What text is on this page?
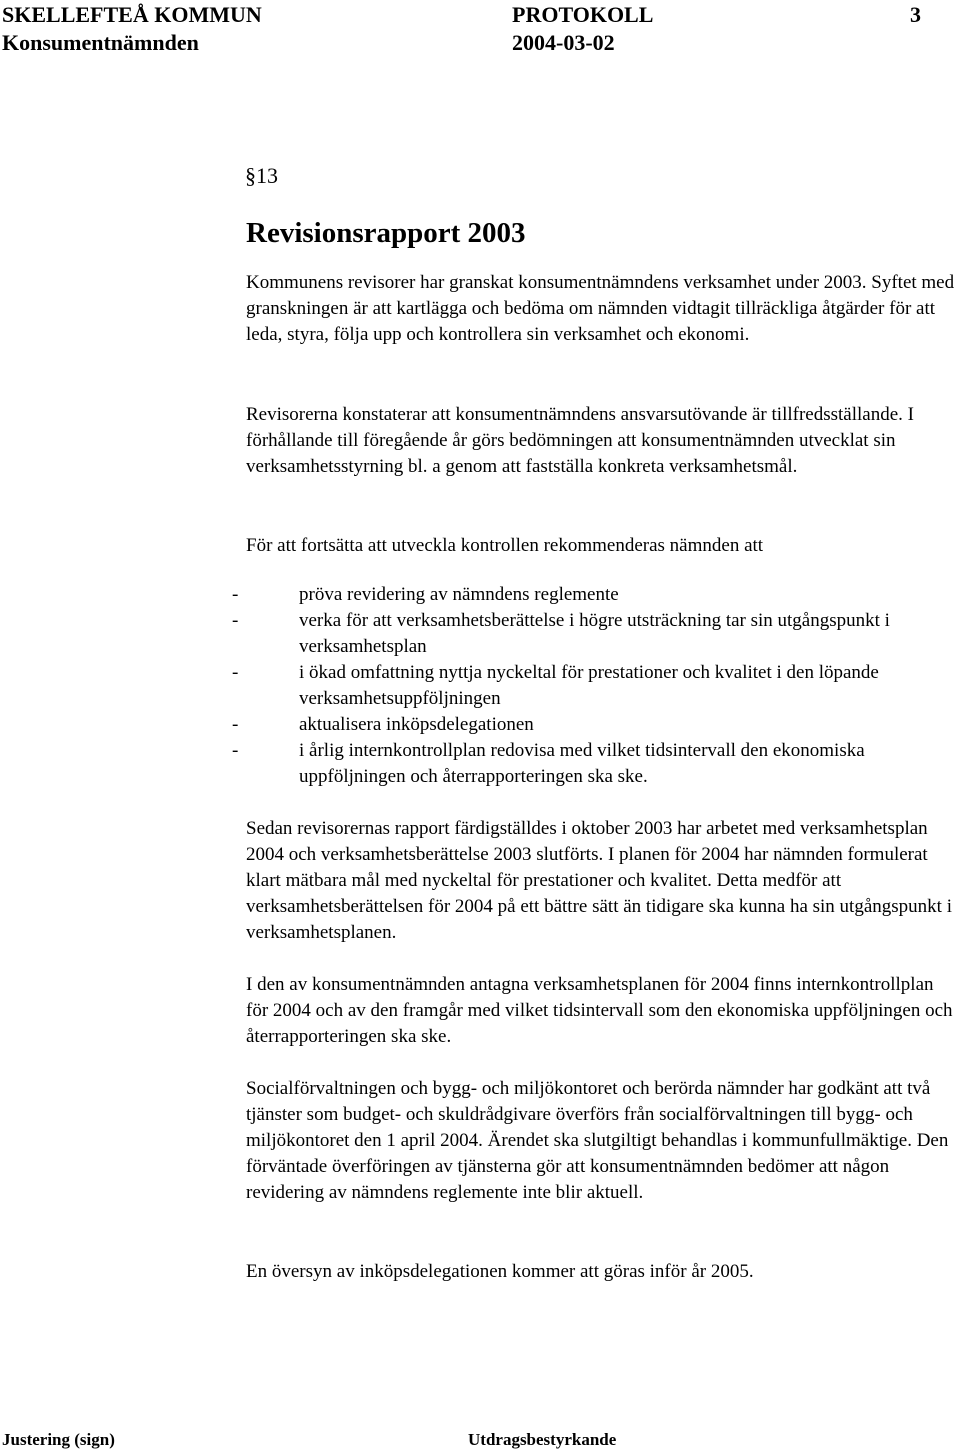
SKELLEFTEÅ KOMMUN	PROTOKOLL	3
Konsumentnämnden	2004-03-02
§13
Revisionsrapport 2003

Kommunens revisorer har granskat konsumentnämndens verksamhet under 2003. Syftet med granskningen är att kartlägga och bedöma om nämnden vidtagit tillräckliga åtgärder för att leda, styra, följa upp och kontrollera sin verksamhet och ekonomi.

Revisorerna konstaterar att konsumentnämndens ansvarsutövande är tillfredsställande. I förhållande till föregående år görs bedömningen att konsumentnämnden utvecklat sin verksamhetsstyrning bl. a genom att fastställa konkreta verksamhetsmål.

För att fortsätta att utveckla kontrollen rekommenderas nämnden att

-	pröva revidering av nämndens reglemente
-	verka för att verksamhetsberättelse i högre utsträckning tar sin utgångspunkt i verksamhetsplan
-	i ökad omfattning nyttja nyckeltal för prestationer och kvalitet i den löpande verksamhetsuppföljningen
-	aktualisera inköpsdelegationen
-	i årlig internkontrollplan redovisa med vilket tidsintervall den ekonomiska uppföljningen och återrapporteringen ska ske.

Sedan revisorernas rapport färdigställdes i oktober 2003 har arbetet med verksamhetsplan 2004 och verksamhetsberättelse 2003 slutförts. I planen för 2004 har nämnden formulerat klart mätbara mål med nyckeltal för prestationer och kvalitet. Detta medför att verksamhetsberättelsen för 2004 på ett bättre sätt än tidigare ska kunna ha sin utgångspunkt i verksamhetsplanen.

I den av konsumentnämnden antagna verksamhetsplanen för 2004 finns internkontrollplan för 2004 och av den framgår med vilket tidsintervall som den ekonomiska uppföljningen och återrapporteringen ska ske.

Socialförvaltningen och bygg- och miljökontoret och berörda nämnder har godkänt att två tjänster som budget- och skuldrådgivare överförs från socialförvaltningen till bygg- och miljökontoret den 1 april 2004. Ärendet ska slutgiltigt behandlas i kommunfullmäktige. Den förväntade överföringen av tjänsterna gör att konsumentnämnden bedömer att någon revidering av nämndens reglemente inte blir aktuell.

En översyn av inköpsdelegationen kommer att göras inför år 2005.

Justering (sign)	Utdragsbestyrkande
